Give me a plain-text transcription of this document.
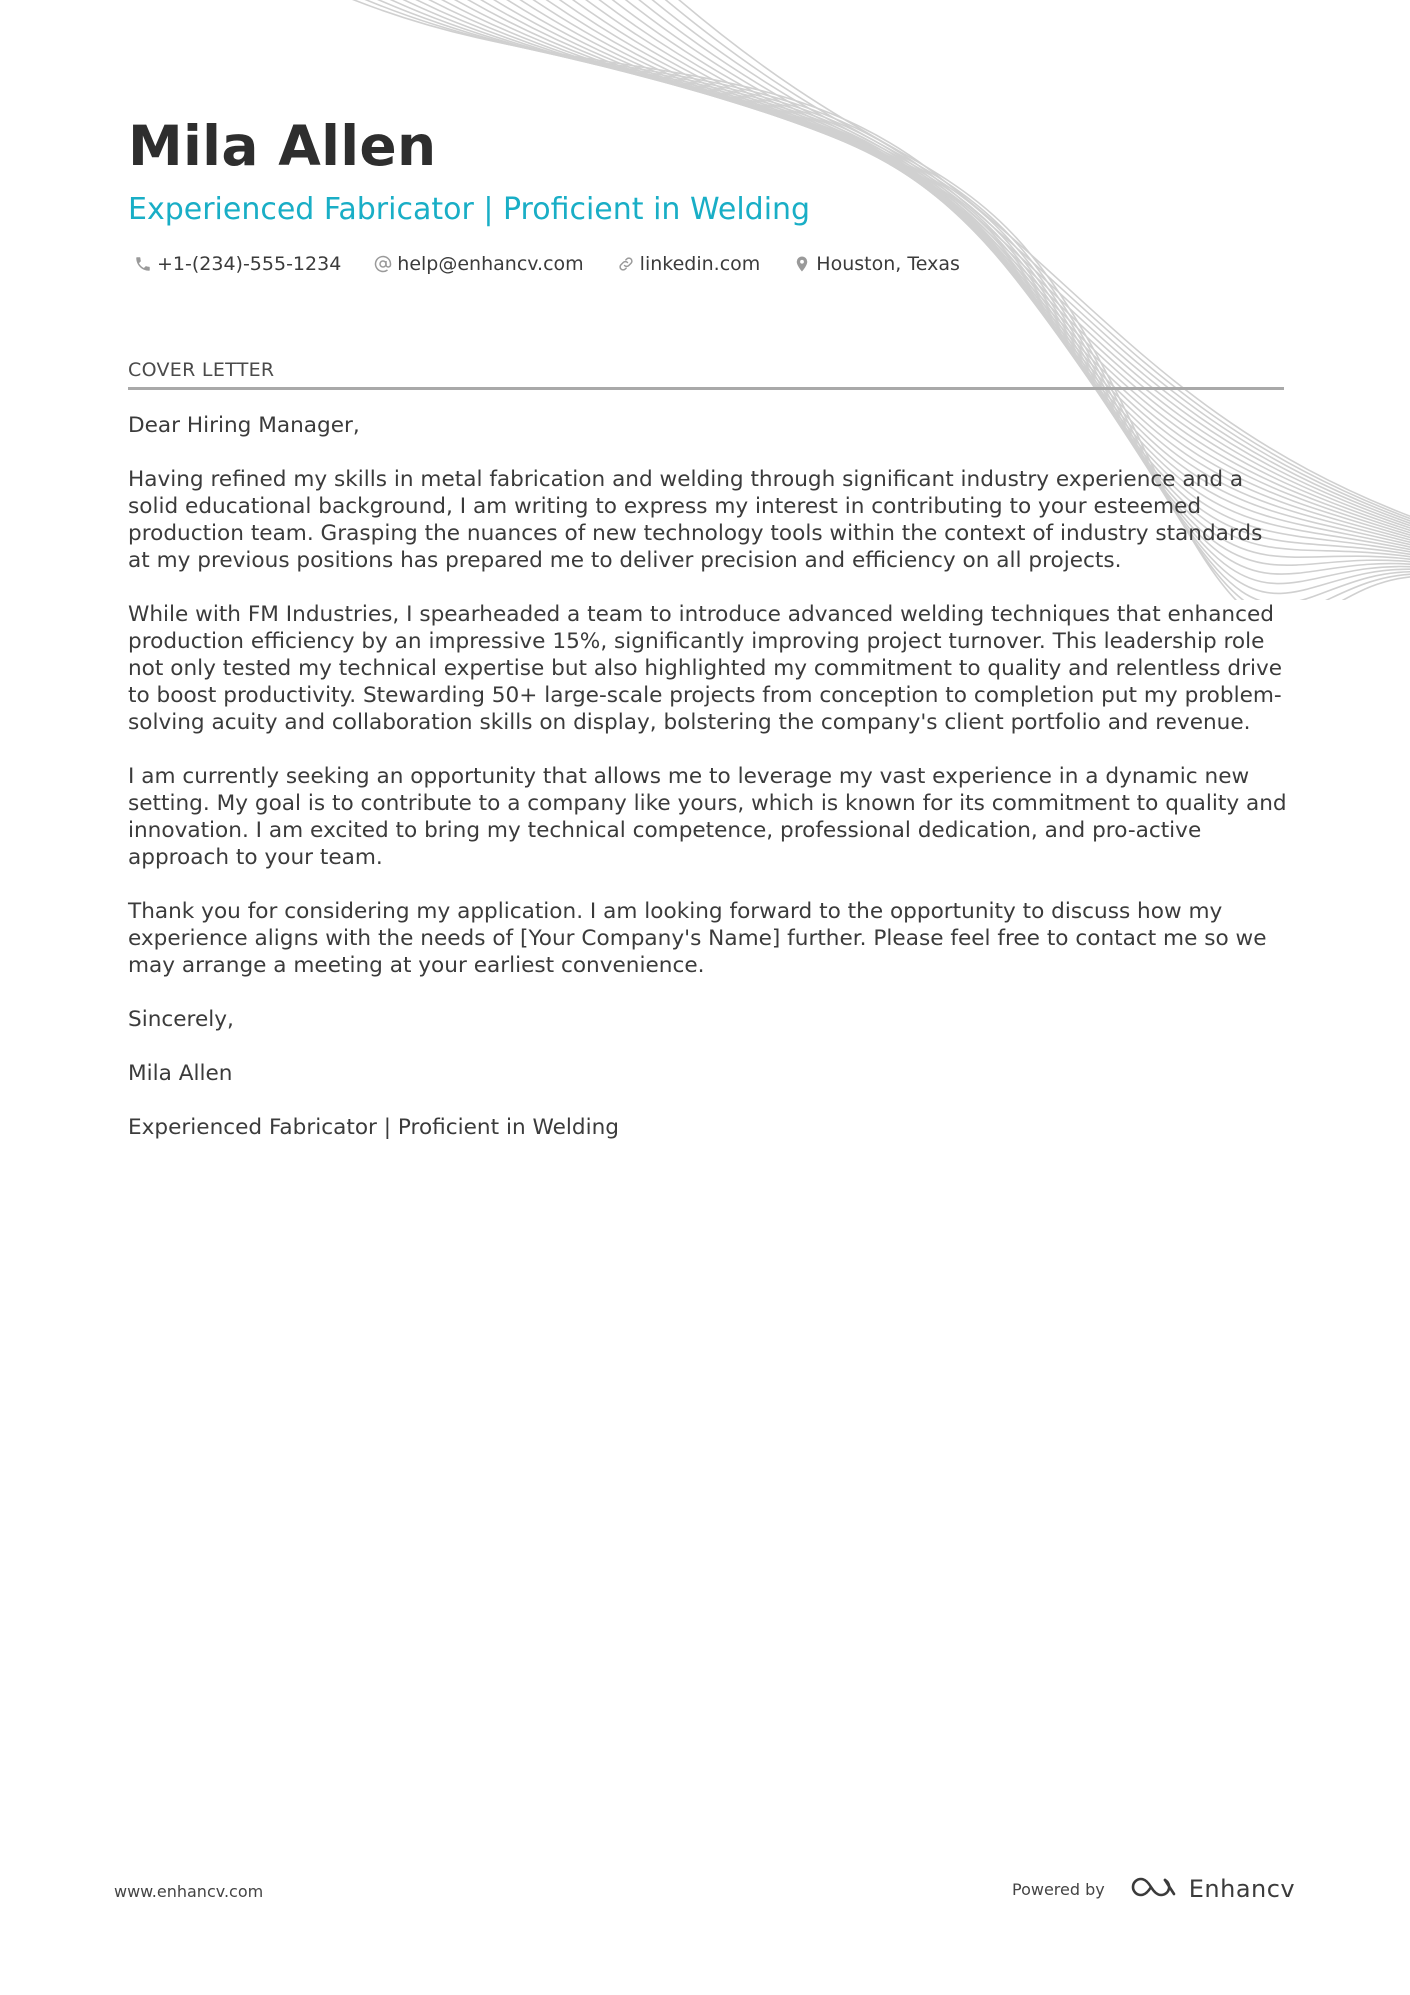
Mila Allen
Experienced Fabricator | Proficient in Welding
+1-(234)-555-1234	help@enhancv.com	linkedin.com	Houston, Texas
COVER LETTER

Dear Hiring Manager,

Having refined my skills in metal fabrication and welding through significant industry experience and a solid educational background, I am writing to express my interest in contributing to your esteemed production team. Grasping the nuances of new technology tools within the context of industry standards at my previous positions has prepared me to deliver precision and efficiency on all projects.

While with FM Industries, I spearheaded a team to introduce advanced welding techniques that enhanced production efficiency by an impressive 15%, significantly improving project turnover. This leadership role not only tested my technical expertise but also highlighted my commitment to quality and relentless drive to boost productivity. Stewarding 50+ large-scale projects from conception to completion put my problem-solving acuity and collaboration skills on display, bolstering the company's client portfolio and revenue.

I am currently seeking an opportunity that allows me to leverage my vast experience in a dynamic new setting. My goal is to contribute to a company like yours, which is known for its commitment to quality and innovation. I am excited to bring my technical competence, professional dedication, and pro-active approach to your team.

Thank you for considering my application. I am looking forward to the opportunity to discuss how my experience aligns with the needs of [Your Company's Name] further. Please feel free to contact me so we may arrange a meeting at your earliest convenience.

Sincerely,

Mila Allen

Experienced Fabricator | Proficient in Welding

www.enhancv.com	Powered by	Enhancv
